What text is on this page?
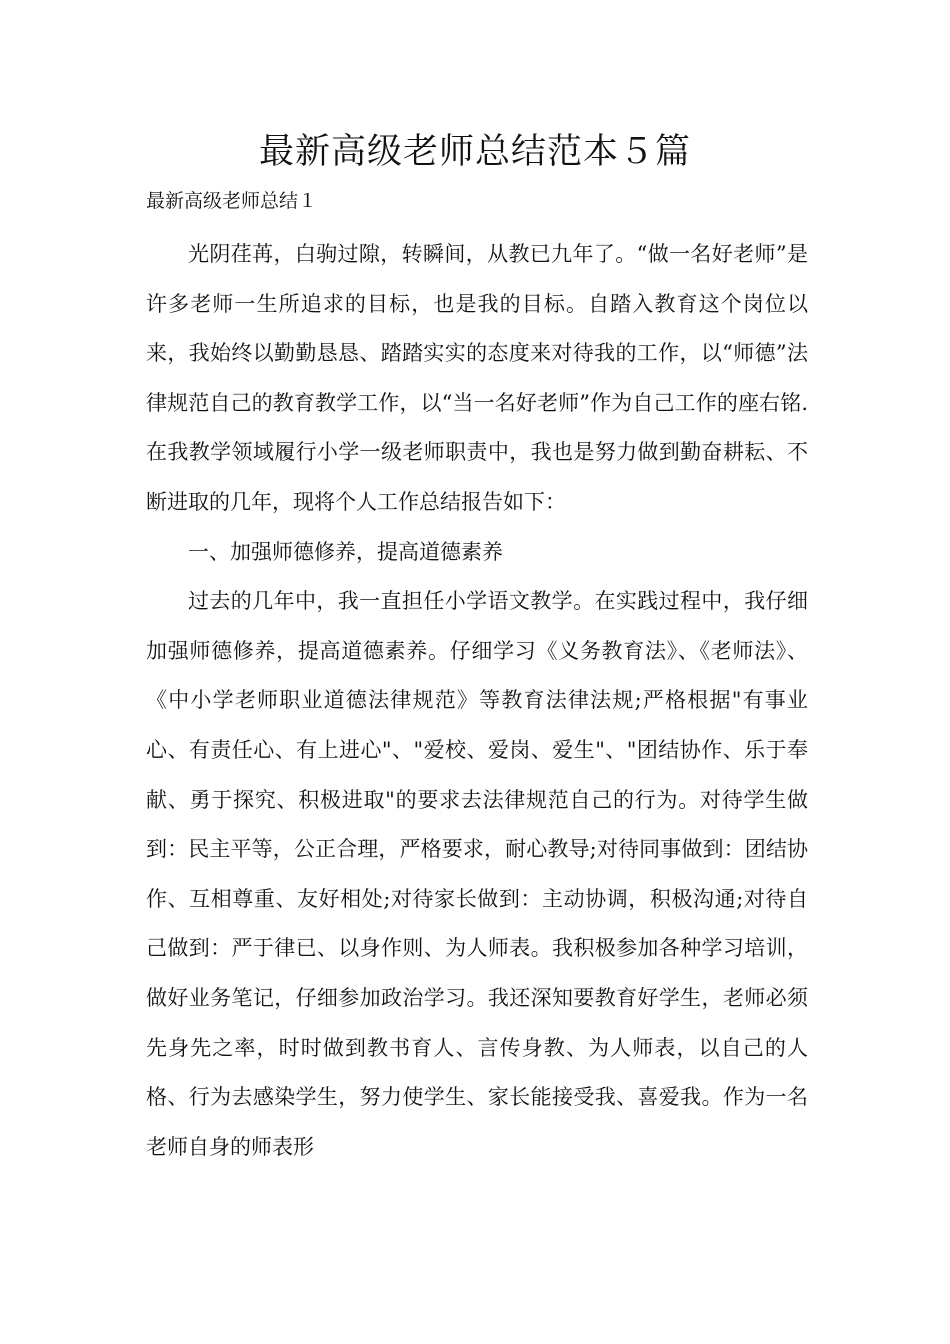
最新高级老师总结范本５篇
最新高级老师总结１

光阴荏苒，白驹过隙，转瞬间，从教已九年了。“做一名好老师”是许多老师一生所追求的目标，也是我的目标。自踏入教育这个岗位以来，我始终以勤勤恳恳、踏踏实实的态度来对待我的工作，以“师德”法律规范自己的教育教学工作，以“当一名好老师”作为自己工作的座右铭.在我教学领域履行小学一级老师职责中，我也是努力做到勤奋耕耘、不断进取的几年，现将个人工作总结报告如下：

一、加强师德修养，提高道德素养

过去的几年中，我一直担任小学语文教学。在实践过程中，我仔细加强师德修养，提高道德素养。仔细学习《义务教育法》、《老师法》、《中小学老师职业道德法律规范》等教育法律法规;严格根据"有事业心、有责任心、有上进心"、"爱校、爱岗、爱生"、"团结协作、乐于奉献、勇于探究、积极进取"的要求去法律规范自己的行为。对待学生做到：民主平等，公正合理，严格要求，耐心教导;对待同事做到：团结协作、互相尊重、友好相处;对待家长做到：主动协调，积极沟通;对待自己做到：严于律已、以身作则、为人师表。我积极参加各种学习培训，做好业务笔记，仔细参加政治学习。我还深知要教育好学生，老师必须先身先之率，时时做到教书育人、言传身教、为人师表，以自己的人格、行为去感染学生，努力使学生、家长能接受我、喜爱我。作为一名老师自身的师表形
